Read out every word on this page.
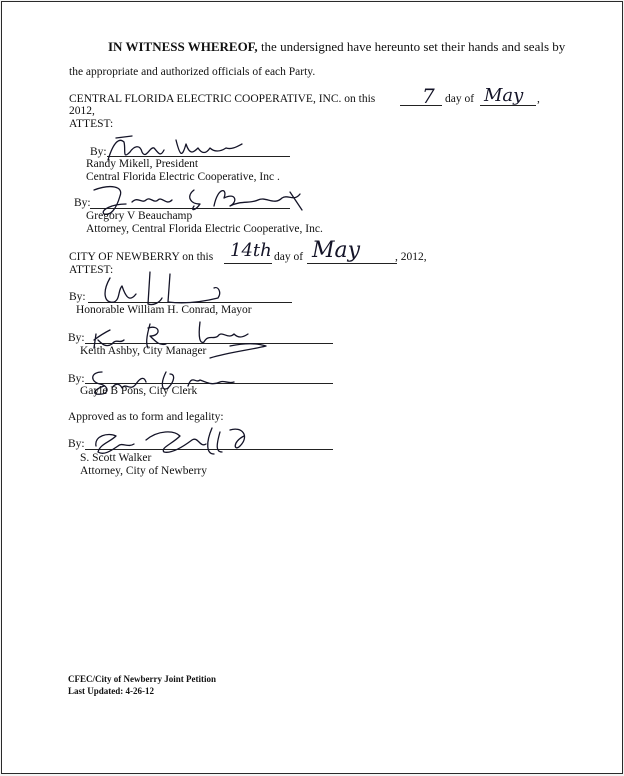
IN WITNESS WHEREOF, the undersigned have hereunto set their hands and seals by
the appropriate and authorized officials of each Party.
CENTRAL FLORIDA ELECTRIC COOPERATIVE, INC. on this 7 day of May ,
2012,
ATTEST:
By:
Randy Mikell, President
Central Florida Electric Cooperative, Inc .
By:
Gregory V Beauchamp
Attorney, Central Florida Electric Cooperative, Inc.
CITY OF NEWBERRY on this 14th day of May	, 2012,
ATTEST:
By:
Honorable William H. Conrad, Mayor
By:
Keith Ashby, City Manager
By:
Gayle B Pons, City Clerk
Approved as to form and legality:
By:
S. Scott Walker
Attorney, City of Newberry
CFEC/City of Newberry Joint Petition
Last Updated: 4-26-12
